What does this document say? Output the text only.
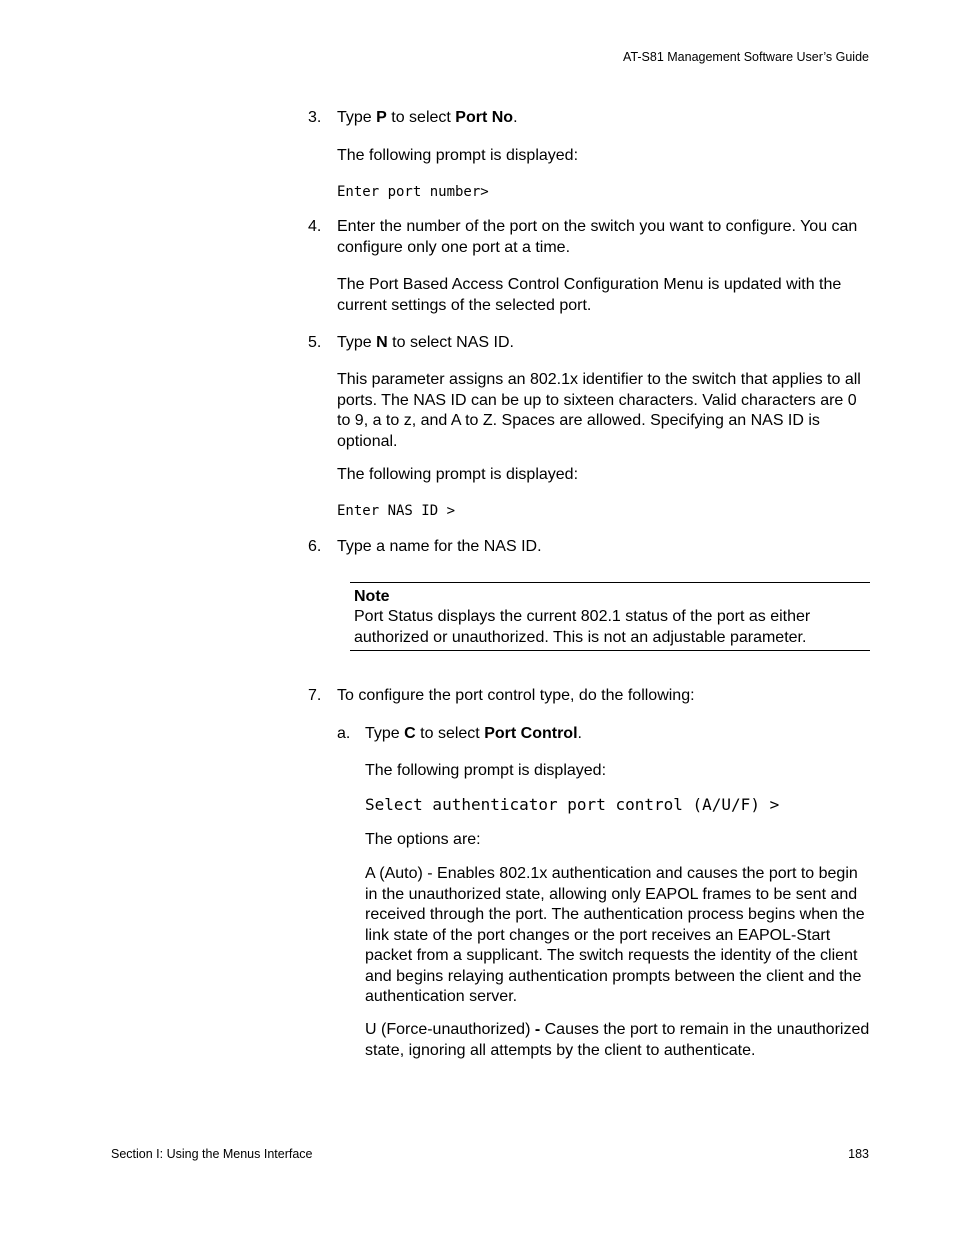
AT-S81 Management Software User’s Guide
3. Type P to select Port No.

The following prompt is displayed:

Enter port number>
4. Enter the number of the port on the switch you want to configure. You can configure only one port at a time.

The Port Based Access Control Configuration Menu is updated with the current settings of the selected port.

5. Type N to select NAS ID.

This parameter assigns an 802.1x identifier to the switch that applies to all ports. The NAS ID can be up to sixteen characters. Valid characters are 0 to 9, a to z, and A to Z. Spaces are allowed. Specifying an NAS ID is optional.

The following prompt is displayed:

Enter NAS ID >
6. Type a name for the NAS ID.

Note
Port Status displays the current 802.1 status of the port as either authorized or unauthorized. This is not an adjustable parameter.
7. To configure the port control type, do the following:

a. Type C to select Port Control.

The following prompt is displayed:

Select authenticator port control (A/U/F) >

The options are:

A (Auto) - Enables 802.1x authentication and causes the port to begin in the unauthorized state, allowing only EAPOL frames to be sent and received through the port. The authentication process begins when the link state of the port changes or the port receives an EAPOL-Start packet from a supplicant. The switch requests the identity of the client and begins relaying authentication prompts between the client and the authentication server.

U (Force-unauthorized) - Causes the port to remain in the unauthorized state, ignoring all attempts by the client to authenticate.

Section I: Using the Menus Interface	183
